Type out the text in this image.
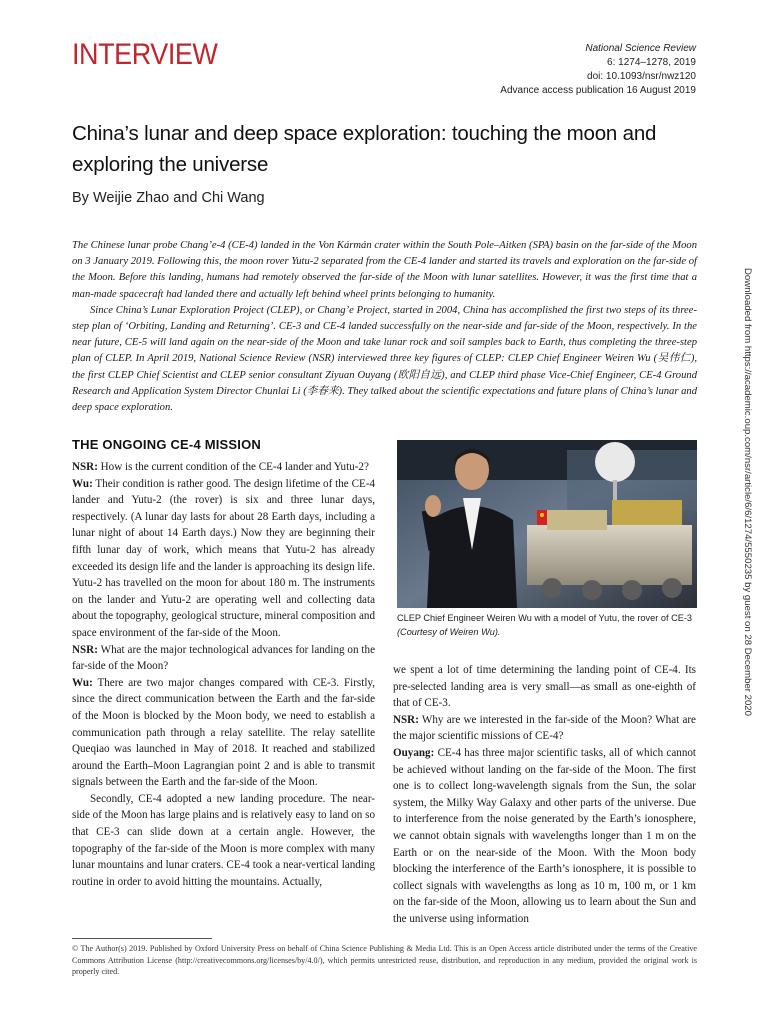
INTERVIEW	National Science Review
6: 1274–1278, 2019
doi: 10.1093/nsr/nwz120
Advance access publication 16 August 2019
China’s lunar and deep space exploration: touching the moon and exploring the universe
By Weijie Zhao and Chi Wang

The Chinese lunar probe Chang’e-4 (CE-4) landed in the Von Kármán crater within the South Pole–Aitken (SPA) basin on the far-side of the Moon on 3 January 2019. Following this, the moon rover Yutu-2 separated from the CE-4 lander and started its travels and exploration on the far-side of the Moon. Before this landing, humans had remotely observed the far-side of the Moon with lunar satellites. However, it was the first time that a man-made spacecraft had landed there and actually left behind wheel prints belonging to humanity.

Since China’s Lunar Exploration Project (CLEP), or Chang’e Project, started in 2004, China has accomplished the first two steps of its three-step plan of ‘Orbiting, Landing and Returning’. CE-3 and CE-4 landed successfully on the near-side and far-side of the Moon, respectively. In the near future, CE-5 will land again on the near-side of the Moon and take lunar rock and soil samples back to Earth, thus completing the three-step plan of CLEP. In April 2019, National Science Review (NSR) interviewed three key figures of CLEP: CLEP Chief Engineer Weiren Wu (吴伟仁), the first CLEP Chief Scientist and CLEP senior consultant Ziyuan Ouyang (欧阳自远), and CLEP third phase Vice-Chief Engineer, CE-4 Ground Research and Application System Director Chunlai Li (李春来). They talked about the scientific expectations and future plans of China’s lunar and deep space exploration.

THE ONGOING CE-4 MISSION

NSR: How is the current condition of the CE-4 lander and Yutu-2?

Wu: Their condition is rather good. The design lifetime of the CE-4 lander and Yutu-2 (the rover) is six and three lunar days, respectively. (A lunar day lasts for about 28 Earth days, including a lunar night of about 14 Earth days.) Now they are beginning their fifth lunar day of work, which means that Yutu-2 has already exceeded its design life and the lander is approaching its design life. Yutu-2 has travelled on the moon for about 180 m. The instruments on the lander and Yutu-2 are operating well and collecting data about the topography, geological structure, mineral composition and space environment of the far-side of the Moon.

NSR: What are the major technological advances for landing on the far-side of the Moon?

Wu: There are two major changes compared with CE-3. Firstly, since the direct communication between the Earth and the far-side of the Moon is blocked by the Moon body, we need to establish a communication path through a relay satellite. The relay satellite Queqiao was launched in May of 2018. It reached and stabilized around the Earth–Moon Lagrangian point 2 and is able to transmit signals between the Earth and the far-side of the Moon.

Secondly, CE-4 adopted a new landing procedure. The near-side of the Moon has large plains and is relatively easy to land on so that CE-3 can slide down at a certain angle. However, the topography of the far-side of the Moon is more complex with many lunar mountains and lunar craters. CE-4 took a near-vertical landing routine in order to avoid hitting the mountains. Actually,

CLEP Chief Engineer Weiren Wu with a model of Yutu, the rover of CE-3 (Courtesy of Weiren Wu).

we spent a lot of time determining the landing point of CE-4. Its pre-selected landing area is very small—as small as one-eighth of that of CE-3.

NSR: Why are we interested in the far-side of the Moon? What are the major scientific missions of CE-4?

Ouyang: CE-4 has three major scientific tasks, all of which cannot be achieved without landing on the far-side of the Moon. The first one is to collect long-wavelength signals from the Sun, the solar system, the Milky Way Galaxy and other parts of the universe. Due to interference from the noise generated by the Earth’s ionosphere, we cannot obtain signals with wavelengths longer than 1 m on the Earth or on the near-side of the Moon. With the Moon body blocking the interference of the Earth’s ionosphere, it is possible to collect signals with wavelengths as long as 10 m, 100 m, or 1 km on the far-side of the Moon, allowing us to learn about the Sun and the universe using information

© The Author(s) 2019. Published by Oxford University Press on behalf of China Science Publishing & Media Ltd. This is an Open Access article distributed under the terms of the Creative Commons Attribution License (http://creativecommons.org/licenses/by/4.0/), which permits unrestricted reuse, distribution, and reproduction in any medium, provided the original work is properly cited.
Downloaded from https://academic.oup.com/nsr/article/6/6/1274/5550235 by guest on 28 December 2020
